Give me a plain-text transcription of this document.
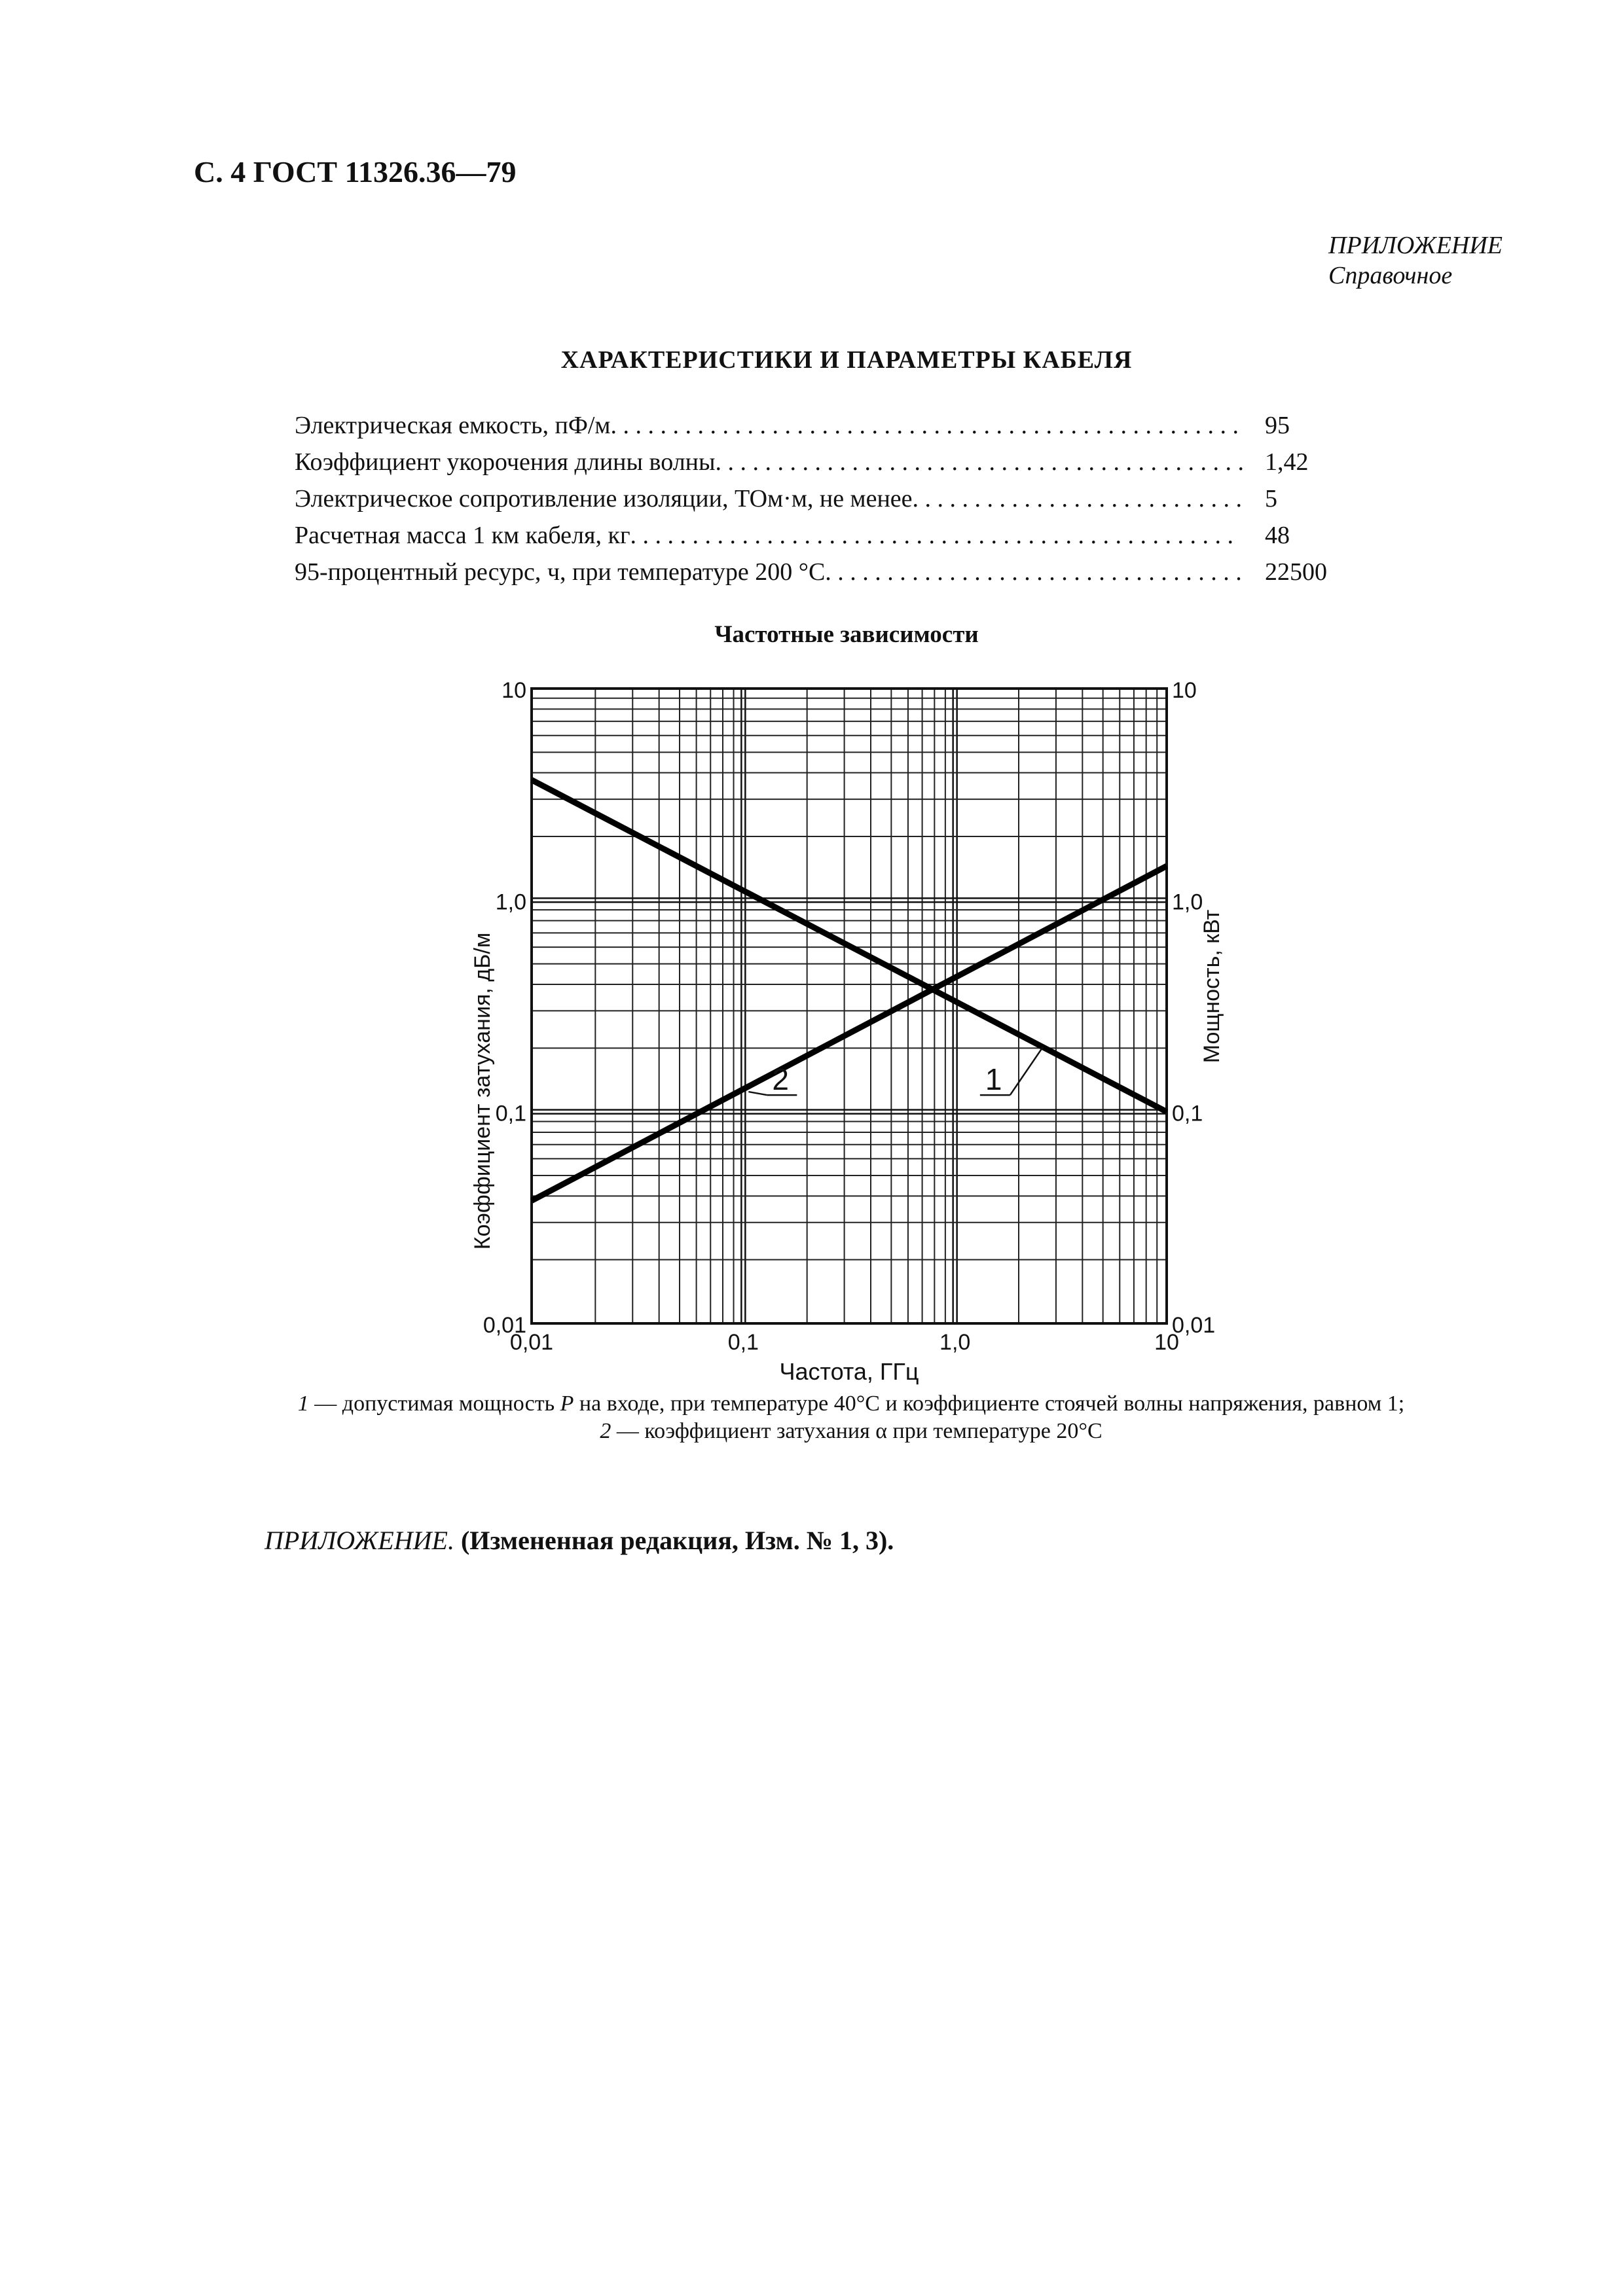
С. 4 ГОСТ 11326.36—79
ПРИЛОЖЕНИЕ
Справочное
ХАРАКТЕРИСТИКИ И ПАРАМЕТРЫ КАБЕЛЯ
Электрическая емкость, пФ/м . . . . . . . . . . . . . . . . . . . . . . . . . . . . . . . . . . . . . . . . . . . . . . . . . . .	95
Коэффициент укорочения длины волны . . . . . . . . . . . . . . . . . . . . . . . . . . . . . . . . . . . . . . . . . . . 1,42
Электрическое сопротивление изоляции, ТОм·м, не менее . . . . . . . . . . . . . . . . . . . . . . . . . . . 5
Расчетная масса 1 км кабеля, кг . . . . . . . . . . . . . . . . . . . . . . . . . . . . . . . . . . . . . . . . . . . . . . . . .	48
95-процентный ресурс, ч, при температуре 200 °С . . . . . . . . . . . . . . . . . . . . . . . . . . . . . . . . . . 22500
Частотные зависимости
1
2
0,01
0,1
1,0
10
0,01
0,1
1,0
10
0,01	0,1	1,0	10
Частота, ГГц
Коэффициент затухания, дБ/м	Мощность, кВт
1 — допустимая мощность P на входе, при температуре 40°С и коэффициенте стоячей волны напряжения, равном 1; 2 — коэффициент затухания α при температуре 20°С
ПРИЛОЖЕНИЕ. (Измененная редакция, Изм. № 1, 3).
